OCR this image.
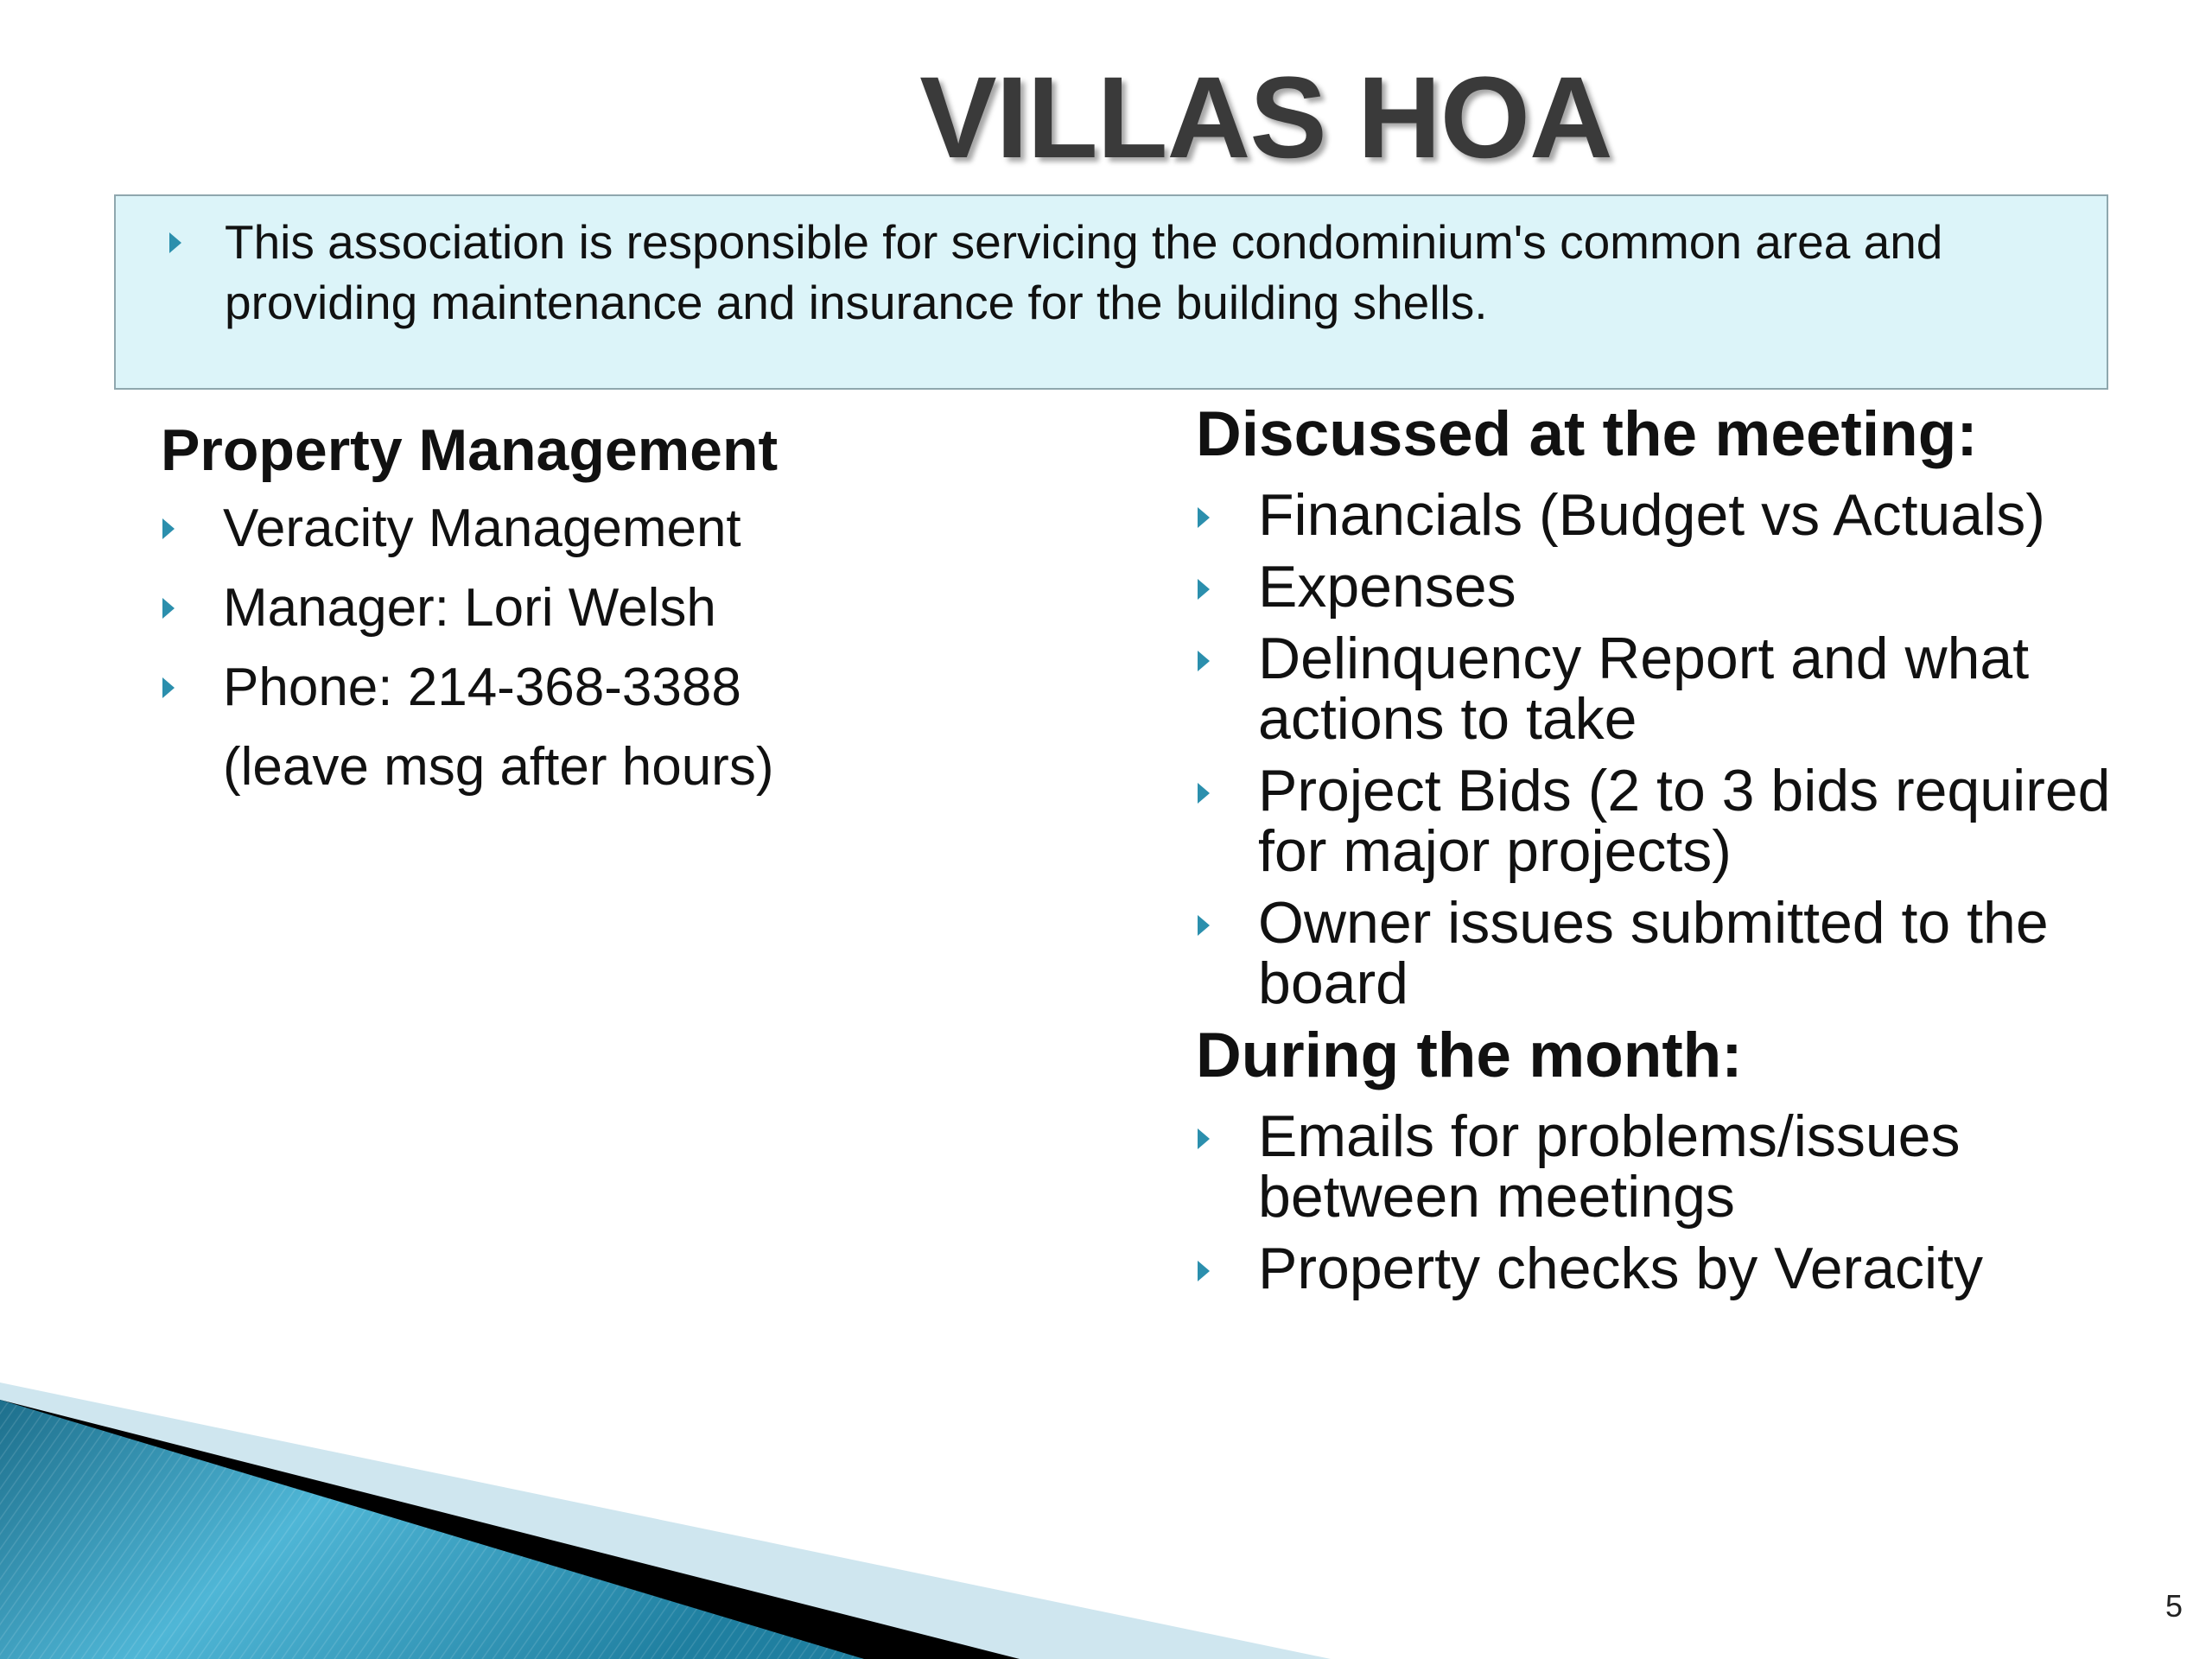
VILLAS HOA
This association is responsible for servicing the condominium's common area and providing maintenance and insurance for the building shells.
Property Management
Veracity Management
Manager: Lori Welsh
Phone: 214-368-3388
(leave msg after hours)
Discussed at the meeting:
Financials (Budget vs Actuals)
Expenses
Delinquency Report and what actions to take
Project Bids (2 to 3 bids required for major projects)
Owner issues submitted to the board
During the month:
Emails for problems/issues between meetings
Property checks by Veracity
5
